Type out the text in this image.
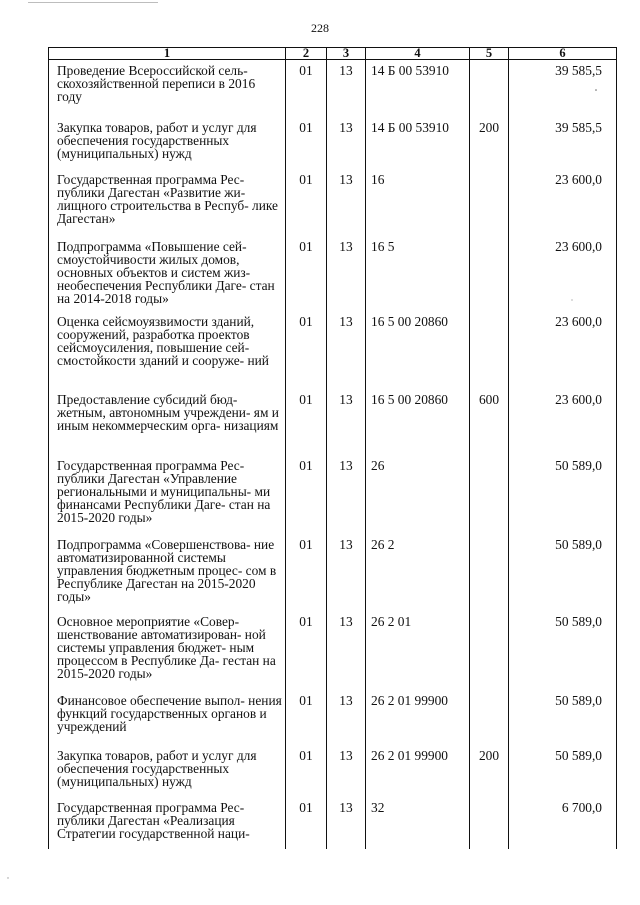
228
1	2	3	4	5	6
Проведение Всероссийской сель- скохозяйственной переписи в 2016 году	01	13	14 Б 00 53910		39 585,5
Закупка товаров, работ и услуг для обеспечения государственных (муниципальных) нужд	01	13	14 Б 00 53910	200	39 585,5
Государственная программа Рес- публики Дагестан «Развитие жи- лищного строительства в Респуб- лике Дагестан»	01	13	16		23 600,0
Подпрограмма «Повышение сей- смоустойчивости жилых домов, основных объектов и систем жиз- необеспечения Республики Даге- стан на 2014-2018 годы»	01	13	16 5		23 600,0
Оценка сейсмоуязвимости зданий, сооружений, разработка проектов сейсмоусиления, повышение сей- смостойкости зданий и сооруже- ний	01	13	16 5 00 20860		23 600,0
Предоставление субсидий бюд- жетным, автономным учреждени- ям и иным некоммерческим орга- низациям	01	13	16 5 00 20860	600	23 600,0
Государственная программа Рес- публики Дагестан «Управление региональными и муниципальны- ми финансами Республики Даге- стан на 2015-2020 годы»	01	13	26		50 589,0
Подпрограмма «Совершенствова- ние автоматизированной системы управления бюджетным процес- сом в Республике Дагестан на 2015-2020 годы»	01	13	26 2		50 589,0
Основное мероприятие «Совер- шенствование автоматизирован- ной системы управления бюджет- ным процессом в Республике Да- гестан на 2015-2020 годы»	01	13	26 2 01		50 589,0
Финансовое обеспечение выпол- нения функций государственных органов и учреждений	01	13	26 2 01 99900		50 589,0
Закупка товаров, работ и услуг для обеспечения государственных (муниципальных) нужд	01	13	26 2 01 99900	200	50 589,0
Государственная программа Рес- публики Дагестан «Реализация Стратегии государственной наци-	01	13	32		6 700,0
